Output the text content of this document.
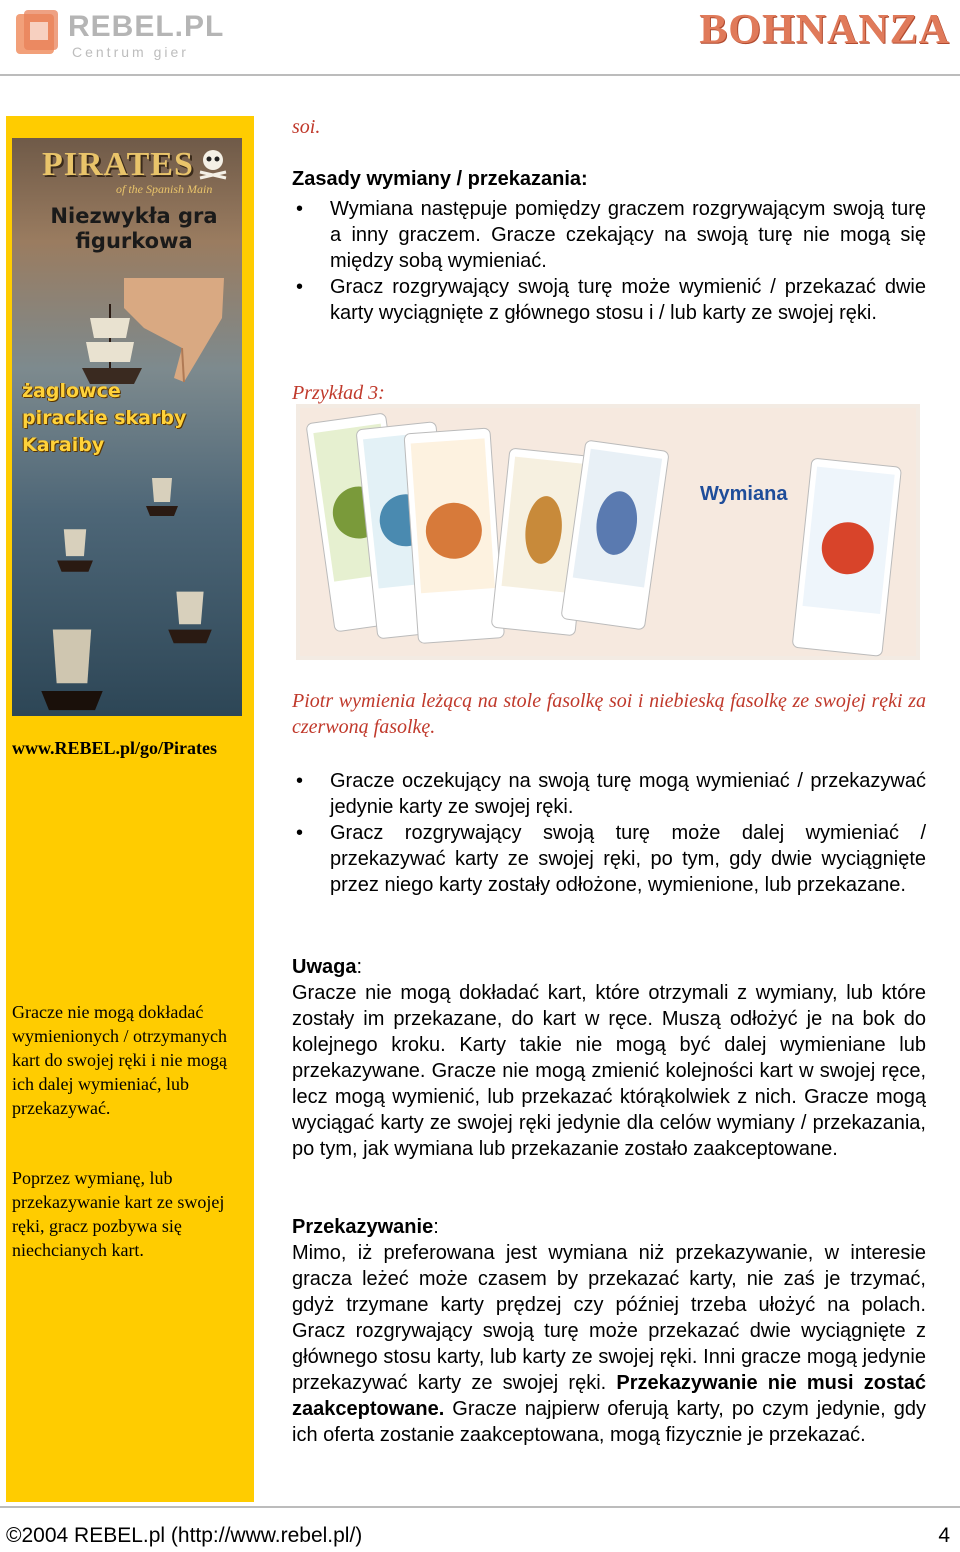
REBEL.PL
Centrum gier	BOHNANZA
PIRATES
of the Spanish Main
Niezwykła gra
figurkowa
żaglowce
pirackie skarby
Karaiby
www.REBEL.pl/go/Pirates
Gracze nie mogą dokładać wymienionych / otrzymanych kart do swojej ręki i nie mogą ich dalej wymieniać, lub przekazywać.
Poprzez wymianę, lub przekazywanie kart ze swojej ręki, gracz pozbywa się niechcianych kart.
soi.
Zasady wymiany / przekazania:
• Wymiana następuje pomiędzy graczem rozgrywającym swoją turę a inny graczem. Gracze czekający na swoją turę nie mogą się między sobą wymieniać.
• Gracz rozgrywający swoją turę może wymienić / przekazać dwie karty wyciągnięte z głównego stosu i / lub karty ze swojej ręki.
Przykład 3:
Piotr wymienia leżącą na stole fasolkę soi i niebieską fasolkę ze swojej ręki za czerwoną fasolkę.
• Gracze oczekujący na swoją turę mogą wymieniać / przekazywać jedynie karty ze swojej ręki.
• Gracz rozgrywający swoją turę może dalej wymieniać / przekazywać karty ze swojej ręki, po tym, gdy dwie wyciągnięte przez niego karty zostały odłożone, wymienione, lub przekazane.
Uwaga:
Gracze nie mogą dokładać kart, które otrzymali z wymiany, lub które zostały im przekazane, do kart w ręce. Muszą odłożyć je na bok do kolejnego kroku. Karty takie nie mogą być dalej wymieniane lub przekazywane. Gracze nie mogą zmienić kolejności kart w swojej ręce, lecz mogą wymienić, lub przekazać którąkolwiek z nich. Gracze mogą wyciągać karty ze swojej ręki jedynie dla celów wymiany / przekazania, po tym, jak wymiana lub przekazanie zostało zaakceptowane.
Przekazywanie:
Mimo, iż preferowana jest wymiana niż przekazywanie, w interesie gracza leżeć może czasem by przekazać karty, nie zaś je trzymać, gdyż trzymane karty prędzej czy później trzeba ułożyć na polach. Gracz rozgrywający swoją turę może przekazać dwie wyciągnięte z głównego stosu karty, lub karty ze swojej ręki. Inni gracze mogą jedynie przekazywać karty ze swojej ręki. Przekazywanie nie musi zostać zaakceptowane. Gracze najpierw oferują karty, po czym jedynie, gdy ich oferta zostanie zaakceptowana, mogą fizycznie je przekazać.
Wymiana
©2004 REBEL.pl (http://www.rebel.pl/)	4
